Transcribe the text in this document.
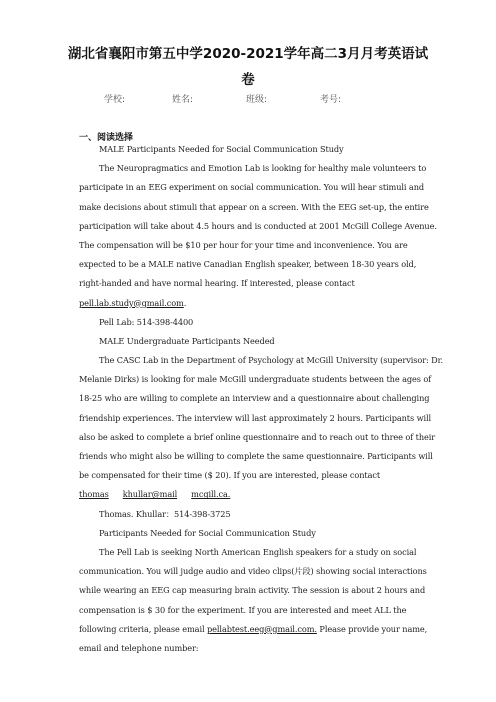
湖北省襄阳市第五中学2020-2021学年高二3月月考英语试
卷
学校:	姓名:	班级:	考号:
一、阅读选择
MALE Participants Needed for Social Communication Study
The Neuropragmatics and Emotion Lab is looking for healthy male volunteers to
participate in an EEG experiment on social communication. You will hear stimuli and
make decisions about stimuli that appear on a screen. With the EEG set-up, the entire
participation will take about 4.5 hours and is conducted at 2001 McGill College Avenue.
The compensation will be $10 per hour for your time and inconvenience. You are
expected to be a MALE native Canadian English speaker, between 18-30 years old,
right-handed and have normal hearing. If interested, please contact
pell.lab.study@gmail.com.
Pell Lab: 514-398-4400
MALE Undergraduate Participants Needed
The CASC Lab in the Department of Psychology at McGill University (supervisor: Dr.
Melanie Dirks) is looking for male McGill undergraduate students between the ages of
18-25 who are willing to complete an interview and a questionnaire about challenging
friendship experiences. The interview will last approximately 2 hours. Participants will
also be asked to complete a brief online questionnaire and to reach out to three of their
friends who might also be willing to complete the same questionnaire. Participants will
be compensated for their time ($ 20). If you are interested, please contact
thomas khullar@mail mcgill.ca.
Thomas. Khullar：514-398-3725
Participants Needed for Social Communication Study
The Pell Lab is seeking North American English speakers for a study on social
communication. You will judge audio and video clips(片段) showing social interactions
while wearing an EEG cap measuring brain activity. The session is about 2 hours and
compensation is $ 30 for the experiment. If you are interested and meet ALL the
following criteria, please email pellabtest.eeg@gmail.com. Please provide your name,
email and telephone number:
